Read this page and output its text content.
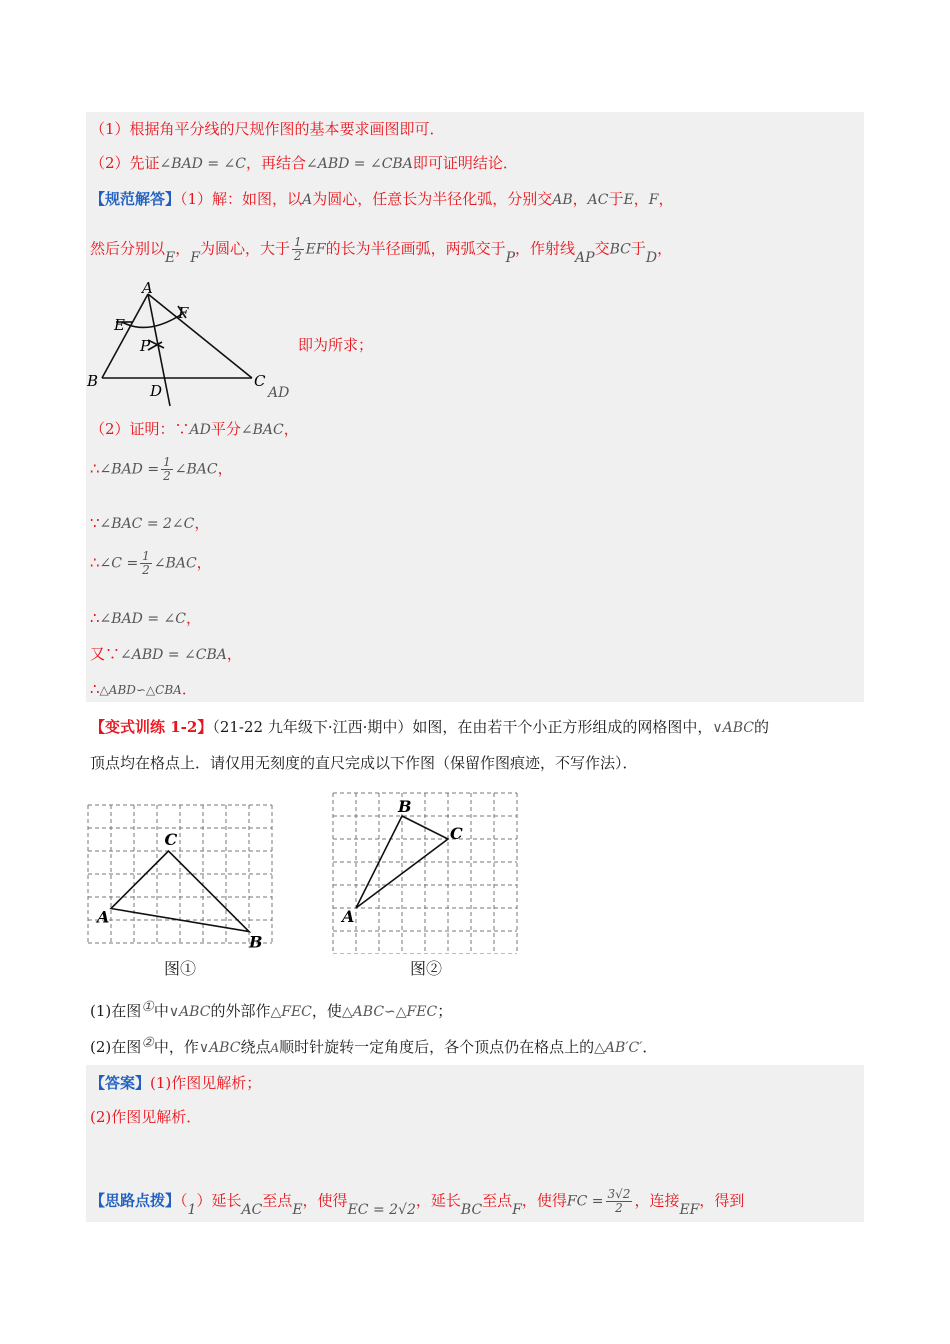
（1）根据角平分线的尺规作图的基本要求画图即可．
（2）先证∠BAD = ∠C，再结合∠ABD = ∠CBA即可证明结论．
【规范解答】（1）解：如图，以A为圆心，任意长为半径化弧，分别交AB，AC于E，F，
然后分别以E，F为圆心，大于 $\frac{1}{2}$ EF的长为半径画弧，两弧交于P，作射线AP交BC于D，
A
B	C
D
E
F
P
AD
即为所求；
（2）证明：∵AD平分∠BAC，
∴∠BAD = $\frac{1}{2}$ ∠BAC，
∵∠BAC = 2∠C，
∴∠C = $\frac{1}{2}$ ∠BAC，
∴∠BAD = ∠C，
又∵∠ABD = ∠CBA，
∴△ABD∽△CBA．
【变式训练 1-2】（21-22 九年级下·江西·期中）如图，在由若干个小正方形组成的网格图中，∨ABC的
顶点均在格点上．请仅用无刻度的直尺完成以下作图（保留作图痕迹，不写作法）．
A
B
C
图①
A
B
C
图②
(1)在图①中∨ABC的外部作△FEC，使△ABC∽△FEC；
(2)在图②中，作∨ABC绕点A顺时针旋转一定角度后，各个顶点仍在格点上的△AB′C′．
【答案】(1)作图见解析；
(2)作图见解析．
【思路点拨】（1）延长AC至点E，使得EC = 2√2，延长BC至点F，使得FC = $\frac{3√2}{2}$ ，连接EF，得到
